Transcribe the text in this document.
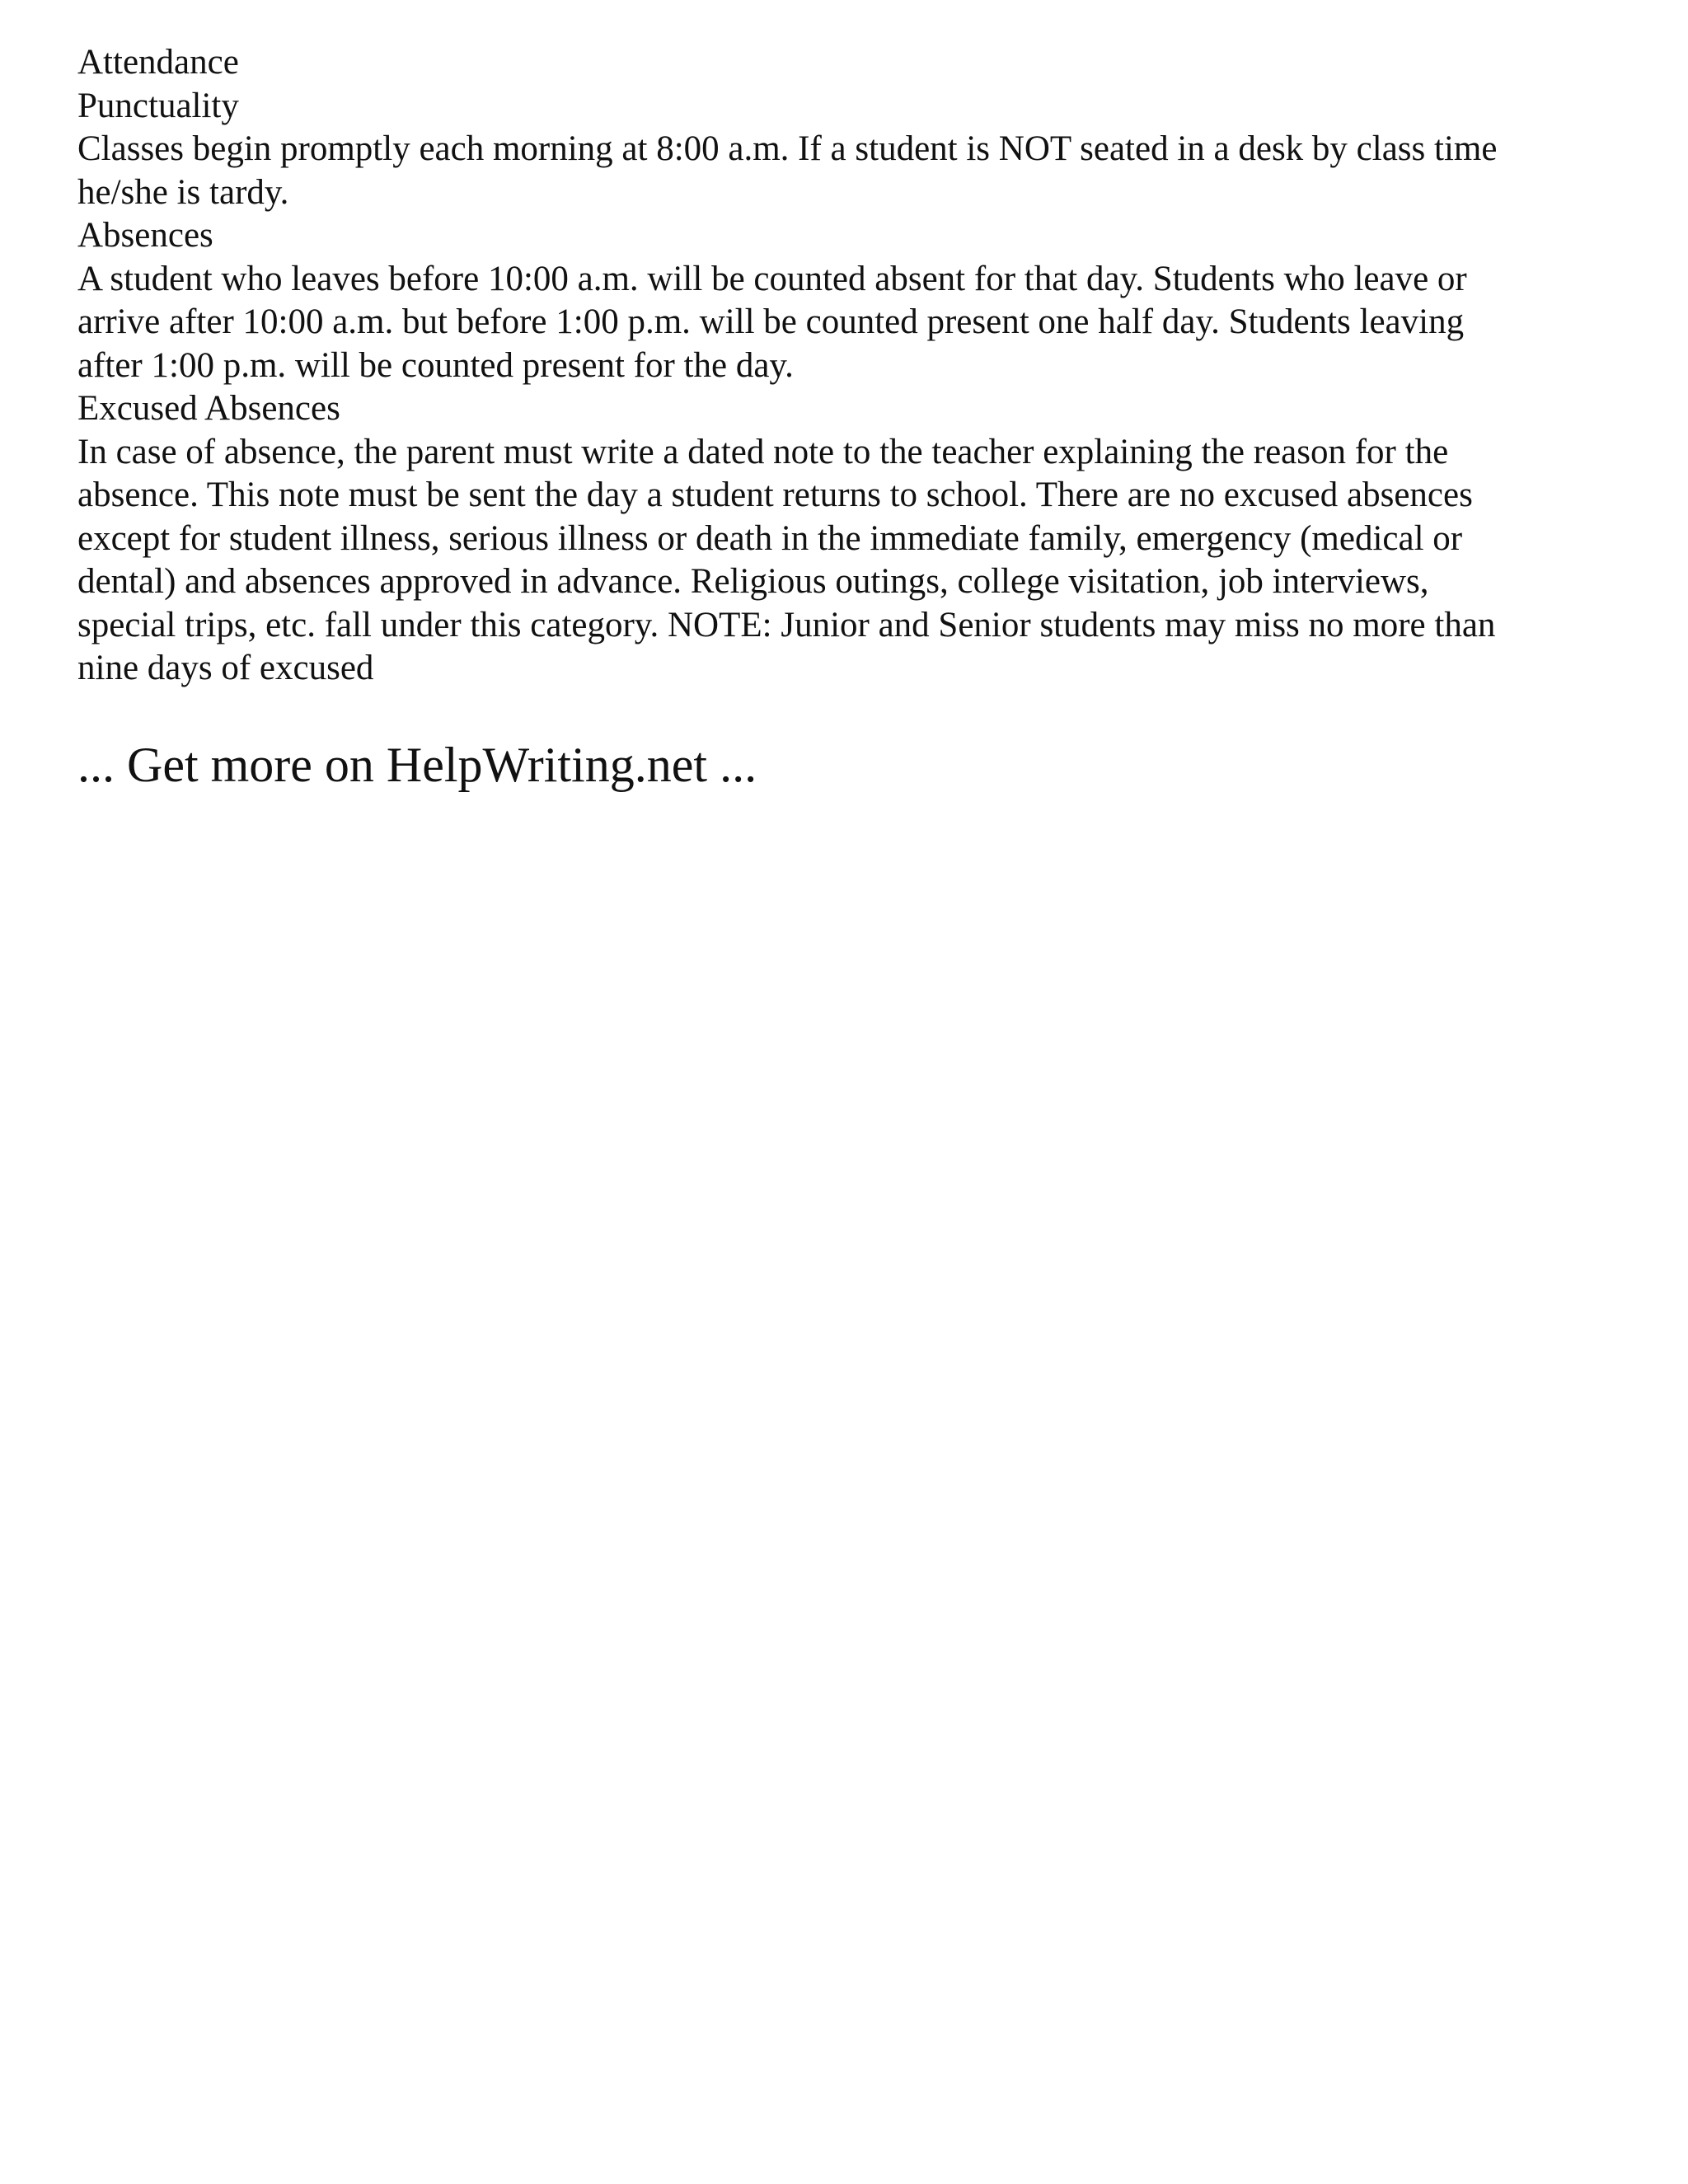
Attendance
Punctuality
Classes begin promptly each morning at 8:00 a.m. If a student is NOT seated in a desk by class time
he/she is tardy.
Absences
A student who leaves before 10:00 a.m. will be counted absent for that day. Students who leave or
arrive after 10:00 a.m. but before 1:00 p.m. will be counted present one half day. Students leaving
after 1:00 p.m. will be counted present for the day.
Excused Absences
In case of absence, the parent must write a dated note to the teacher explaining the reason for the
absence. This note must be sent the day a student returns to school. There are no excused absences
except for student illness, serious illness or death in the immediate family, emergency (medical or
dental) and absences approved in advance. Religious outings, college visitation, job interviews,
special trips, etc. fall under this category. NOTE: Junior and Senior students may miss no more than
nine days of excused

... Get more on HelpWriting.net ...
